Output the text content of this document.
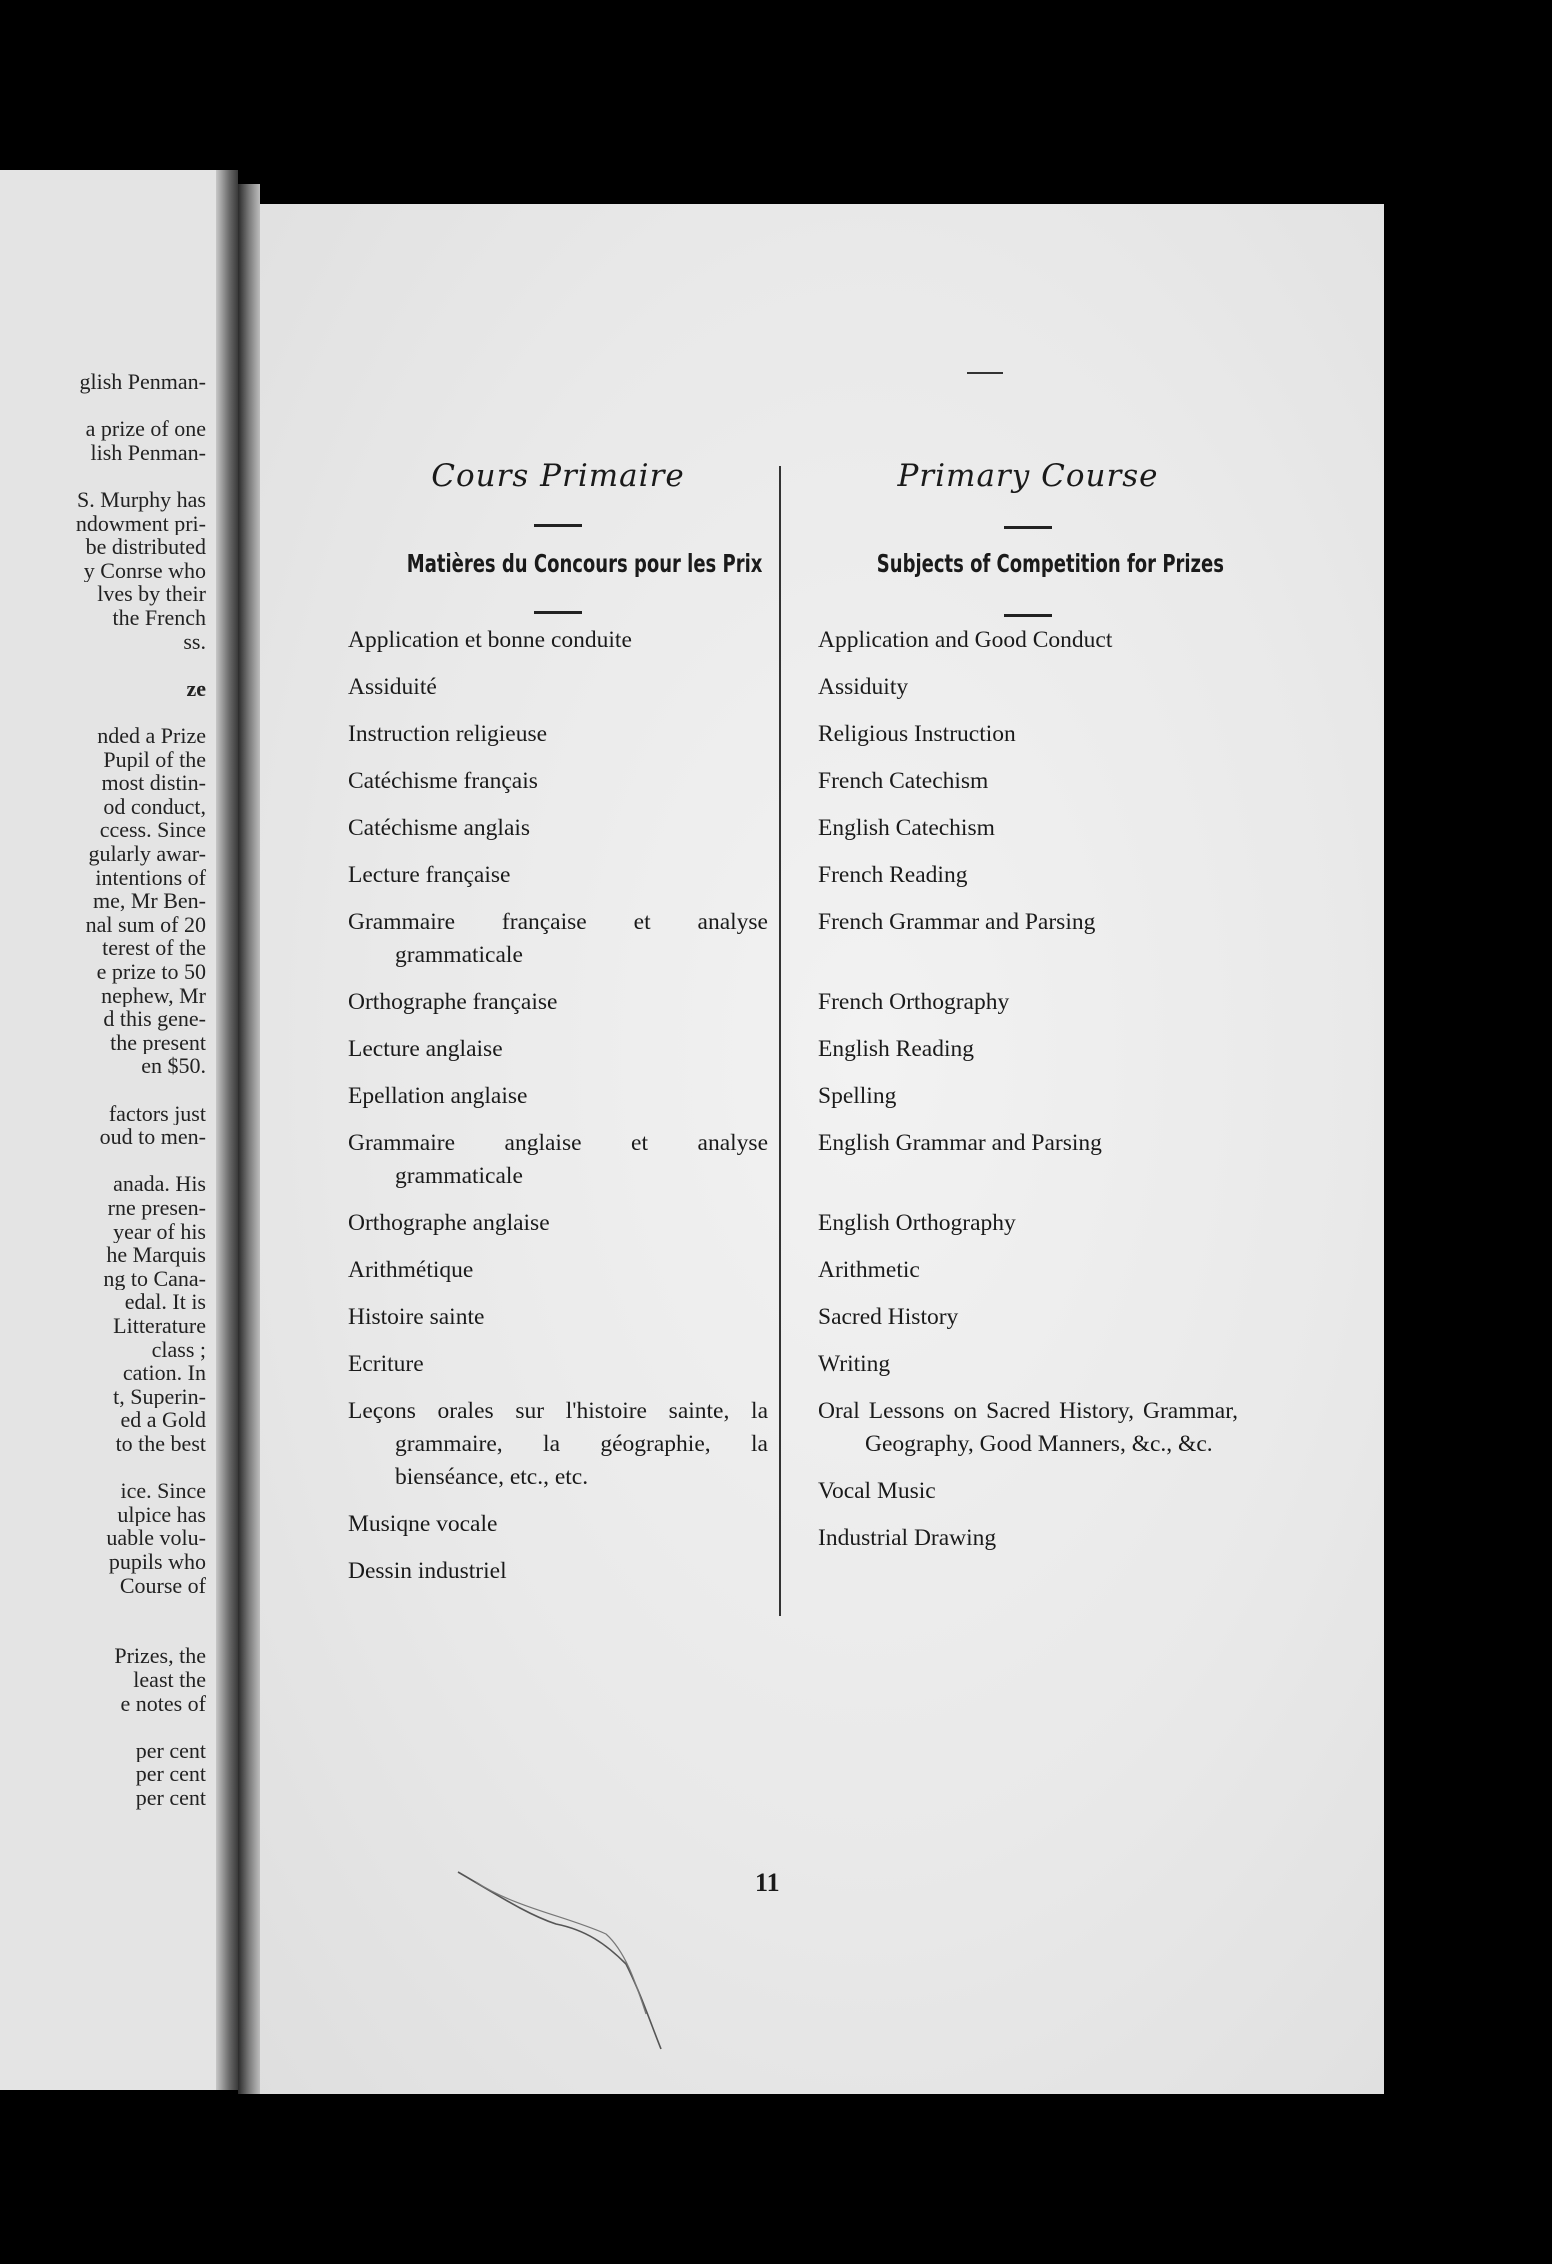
glish Penman-
a prize of one
lish Penman-
S. Murphy has
ndowment pri-
be distributed
y Conrse who
lves by their
the French
ss.
ze
nded a Prize
Pupil of the
most distin-
od conduct,
ccess. Since
gularly awar-
intentions of
me, Mr Ben-
nal sum of 20
terest of the
e prize to 50
nephew, Mr
d this gene-
the present
en $50.
factors just
oud to men-
anada. His
rne presen-
year of his
he Marquis
ng to Cana-
edal. It is
Litterature
class ;
cation. In
t, Superin-
ed a Gold
to the best
ice. Since
ulpice has
uable volu-
pupils who
Course of
Prizes, the
least the
e notes of
per cent
per cent
per cent
Cours Primaire
Matières du Concours pour les Prix
Application et bonne conduite
Assiduité
Instruction religieuse
Catéchisme français
Catéchisme anglais
Lecture française
Grammaire française et analyse grammaticale
Orthographe française
Lecture anglaise
Epellation anglaise
Grammaire anglaise et analyse grammaticale
Orthographe anglaise
Arithmétique
Histoire sainte
Ecriture
Leçons orales sur l'histoire sainte, la grammaire, la géographie, la bienséance, etc., etc.
Musiqne vocale
Dessin industriel
Primary Course
Subjects of Competition for Prizes
Application and Good Conduct
Assiduity
Religious Instruction
French Catechism
English Catechism
French Reading
French Grammar and Parsing
French Orthography
English Reading
Spelling
English Grammar and Parsing
English Orthography
Arithmetic
Sacred History
Writing
Oral Lessons on Sacred History, Grammar, Geography, Good Manners, &c., &c.
Vocal Music
Industrial Drawing
11
